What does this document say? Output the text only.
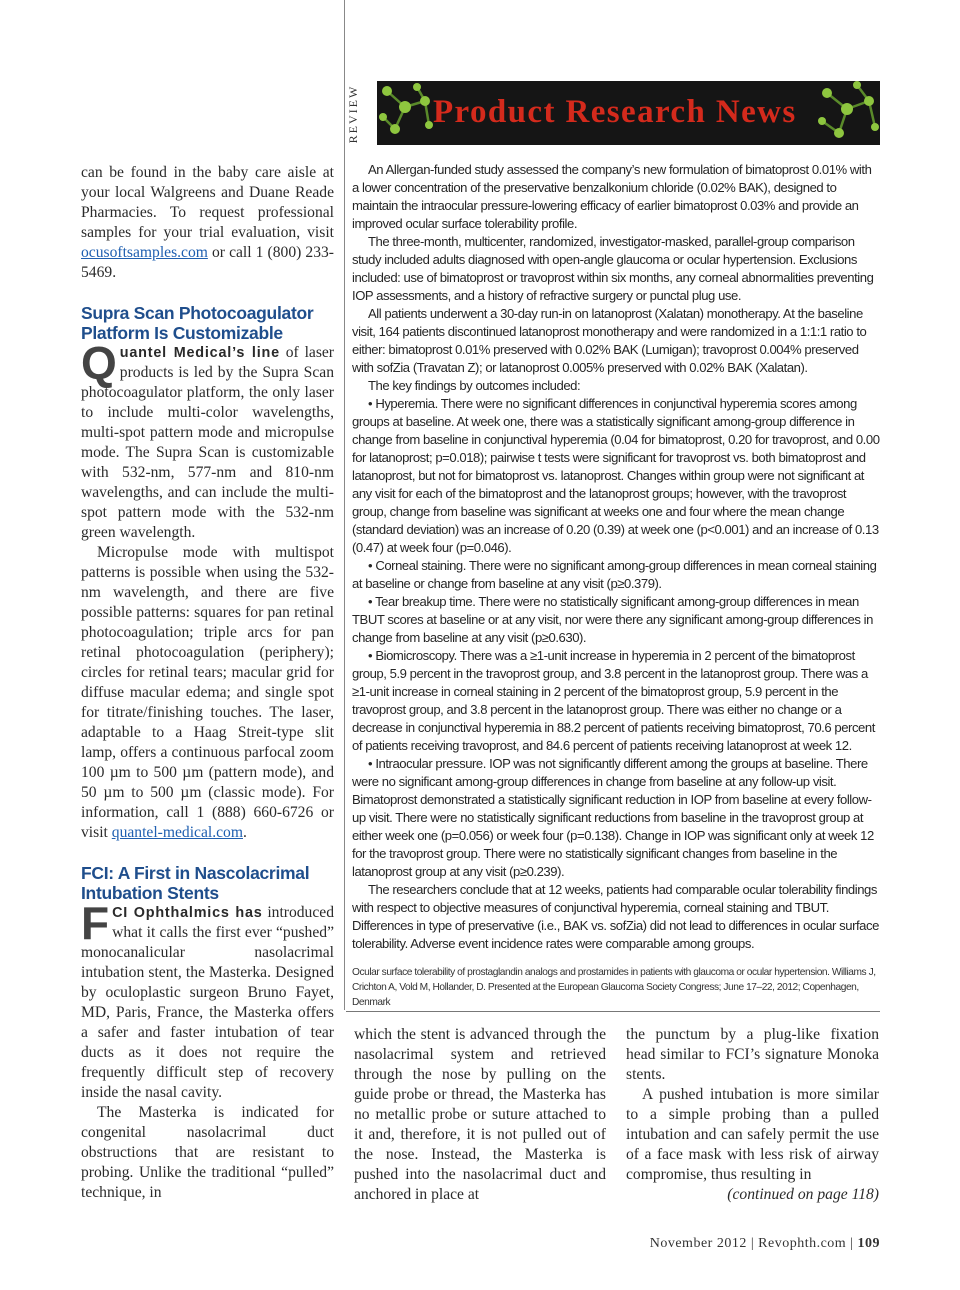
can be found in the baby care aisle at your local Walgreens and Duane Reade Pharmacies. To request professional samples for your trial evaluation, visit ocusoftsamples.com or call 1 (800) 233-5469.

Supra Scan Photocoagulator Platform Is Customizable

Quantel Medical’s line of laser products is led by the Supra Scan photocoagulator platform, the only laser to include multi-color wavelengths, multi-spot pattern mode and micropulse mode. The Supra Scan is customizable with 532-nm, 577-nm and 810-nm wavelengths, and can include the multi-spot pattern mode with the 532-nm green wavelength.

Micropulse mode with multispot patterns is possible when using the 532-nm wavelength, and there are five possible patterns: squares for pan retinal photocoagulation; triple arcs for pan retinal photocoagulation (periphery); circles for retinal tears; macular grid for diffuse macular edema; and single spot for titrate/finishing touches. The laser, adaptable to a Haag Streit-type slit lamp, offers a continuous parfocal zoom 100 µm to 500 µm (pattern mode), and 50 µm to 500 µm (classic mode). For information, call 1 (888) 660-6726 or visit quantel-medical.com.

FCI: A First in Nascolacrimal Intubation Stents

FCI Ophthalmics has introduced what it calls the first ever “pushed” monocanalicular nasolacrimal intubation stent, the Masterka. Designed by oculoplastic surgeon Bruno Fayet, MD, Paris, France, the Masterka offers a safer and faster intubation of tear ducts as it does not require the frequently difficult step of recovery inside the nasal cavity.

The Masterka is indicated for congenital nasolacrimal duct obstructions that are resistant to probing. Unlike the traditional “pulled” technique, in

REVIEW Product Research News

An Allergan-funded study assessed the company’s new formulation of bimatoprost 0.01% with a lower concentration of the preservative benzalkonium chloride (0.02% BAK), designed to maintain the intraocular pressure-lowering efficacy of earlier bimatoprost 0.03% and provide an improved ocular surface tolerability profile.

The three-month, multicenter, randomized, investigator-masked, parallel-group comparison study included adults diagnosed with open-angle glaucoma or ocular hypertension. Exclusions included: use of bimatoprost or travoprost within six months, any corneal abnormalities preventing IOP assessments, and a history of refractive surgery or punctal plug use.

All patients underwent a 30-day run-in on latanoprost (Xalatan) monotherapy. At the baseline visit, 164 patients discontinued latanoprost monotherapy and were randomized in a 1:1:1 ratio to either: bimatoprost 0.01% preserved with 0.02% BAK (Lumigan); travoprost 0.004% preserved with sofZia (Travatan Z); or latanoprost 0.005% preserved with 0.02% BAK (Xalatan).

The key findings by outcomes included:

• Hyperemia. There were no significant differences in conjunctival hyperemia scores among groups at baseline. At week one, there was a statistically significant among-group difference in change from baseline in conjunctival hyperemia (0.04 for bimatoprost, 0.20 for travoprost, and 0.00 for latanoprost; p=0.018); pairwise t tests were significant for travoprost vs. both bimatoprost and latanoprost, but not for bimatoprost vs. latanoprost. Changes within group were not significant at any visit for each of the bimatoprost and the latanoprost groups; however, with the travoprost group, change from baseline was significant at weeks one and four where the mean change (standard deviation) was an increase of 0.20 (0.39) at week one (p<0.001) and an increase of 0.13 (0.47) at week four (p=0.046).

• Corneal staining. There were no significant among-group differences in mean corneal staining at baseline or change from baseline at any visit (p≥0.379).

• Tear breakup time. There were no statistically significant among-group differences in mean TBUT scores at baseline or at any visit, nor were there any significant among-group differences in change from baseline at any visit (p≥0.630).

• Biomicroscopy. There was a ≥1-unit increase in hyperemia in 2 percent of the bimatoprost group, 5.9 percent in the travoprost group, and 3.8 percent in the latanoprost group. There was a ≥1-unit increase in corneal staining in 2 percent of the bimatoprost group, 5.9 percent in the travoprost group, and 3.8 percent in the latanoprost group. There was either no change or a decrease in conjunctival hyperemia in 88.2 percent of patients receiving bimatoprost, 70.6 percent of patients receiving travoprost, and 84.6 percent of patients receiving latanoprost at week 12.

• Intraocular pressure. IOP was not significantly different among the groups at baseline. There were no significant among-group differences in change from baseline at any follow-up visit. Bimatoprost demonstrated a statistically significant reduction in IOP from baseline at every follow-up visit. There were no statistically significant reductions from baseline in the travoprost group at either week one (p=0.056) or week four (p=0.138). Change in IOP was significant only at week 12 for the travoprost group. There were no statistically significant changes from baseline in the latanoprost group at any visit (p≥0.239).

The researchers conclude that at 12 weeks, patients had comparable ocular tolerability findings with respect to objective measures of conjunctival hyperemia, corneal staining and TBUT. Differences in type of preservative (i.e., BAK vs. sofZia) did not lead to differences in ocular surface tolerability. Adverse event incidence rates were comparable among groups.

Ocular surface tolerability of prostaglandin analogs and prostamides in patients with glaucoma or ocular hypertension. Williams J, Crichton A, Vold M, Hollander, D. Presented at the European Glaucoma Society Congress; June 17–22, 2012; Copenhagen, Denmark

which the stent is advanced through the nasolacrimal system and retrieved through the nose by pulling on the guide probe or thread, the Masterka has no metallic probe or suture attached to it and, therefore, it is not pulled out of the nose. Instead, the Masterka is pushed into the nasolacrimal duct and anchored in place at

the punctum by a plug-like fixation head similar to FCI’s signature Monoka stents.

A pushed intubation is more similar to a simple probing than a pulled intubation and can safely permit the use of a face mask with less risk of airway compromise, thus resulting in

(continued on page 118)

November 2012 | Revophth.com | 109
